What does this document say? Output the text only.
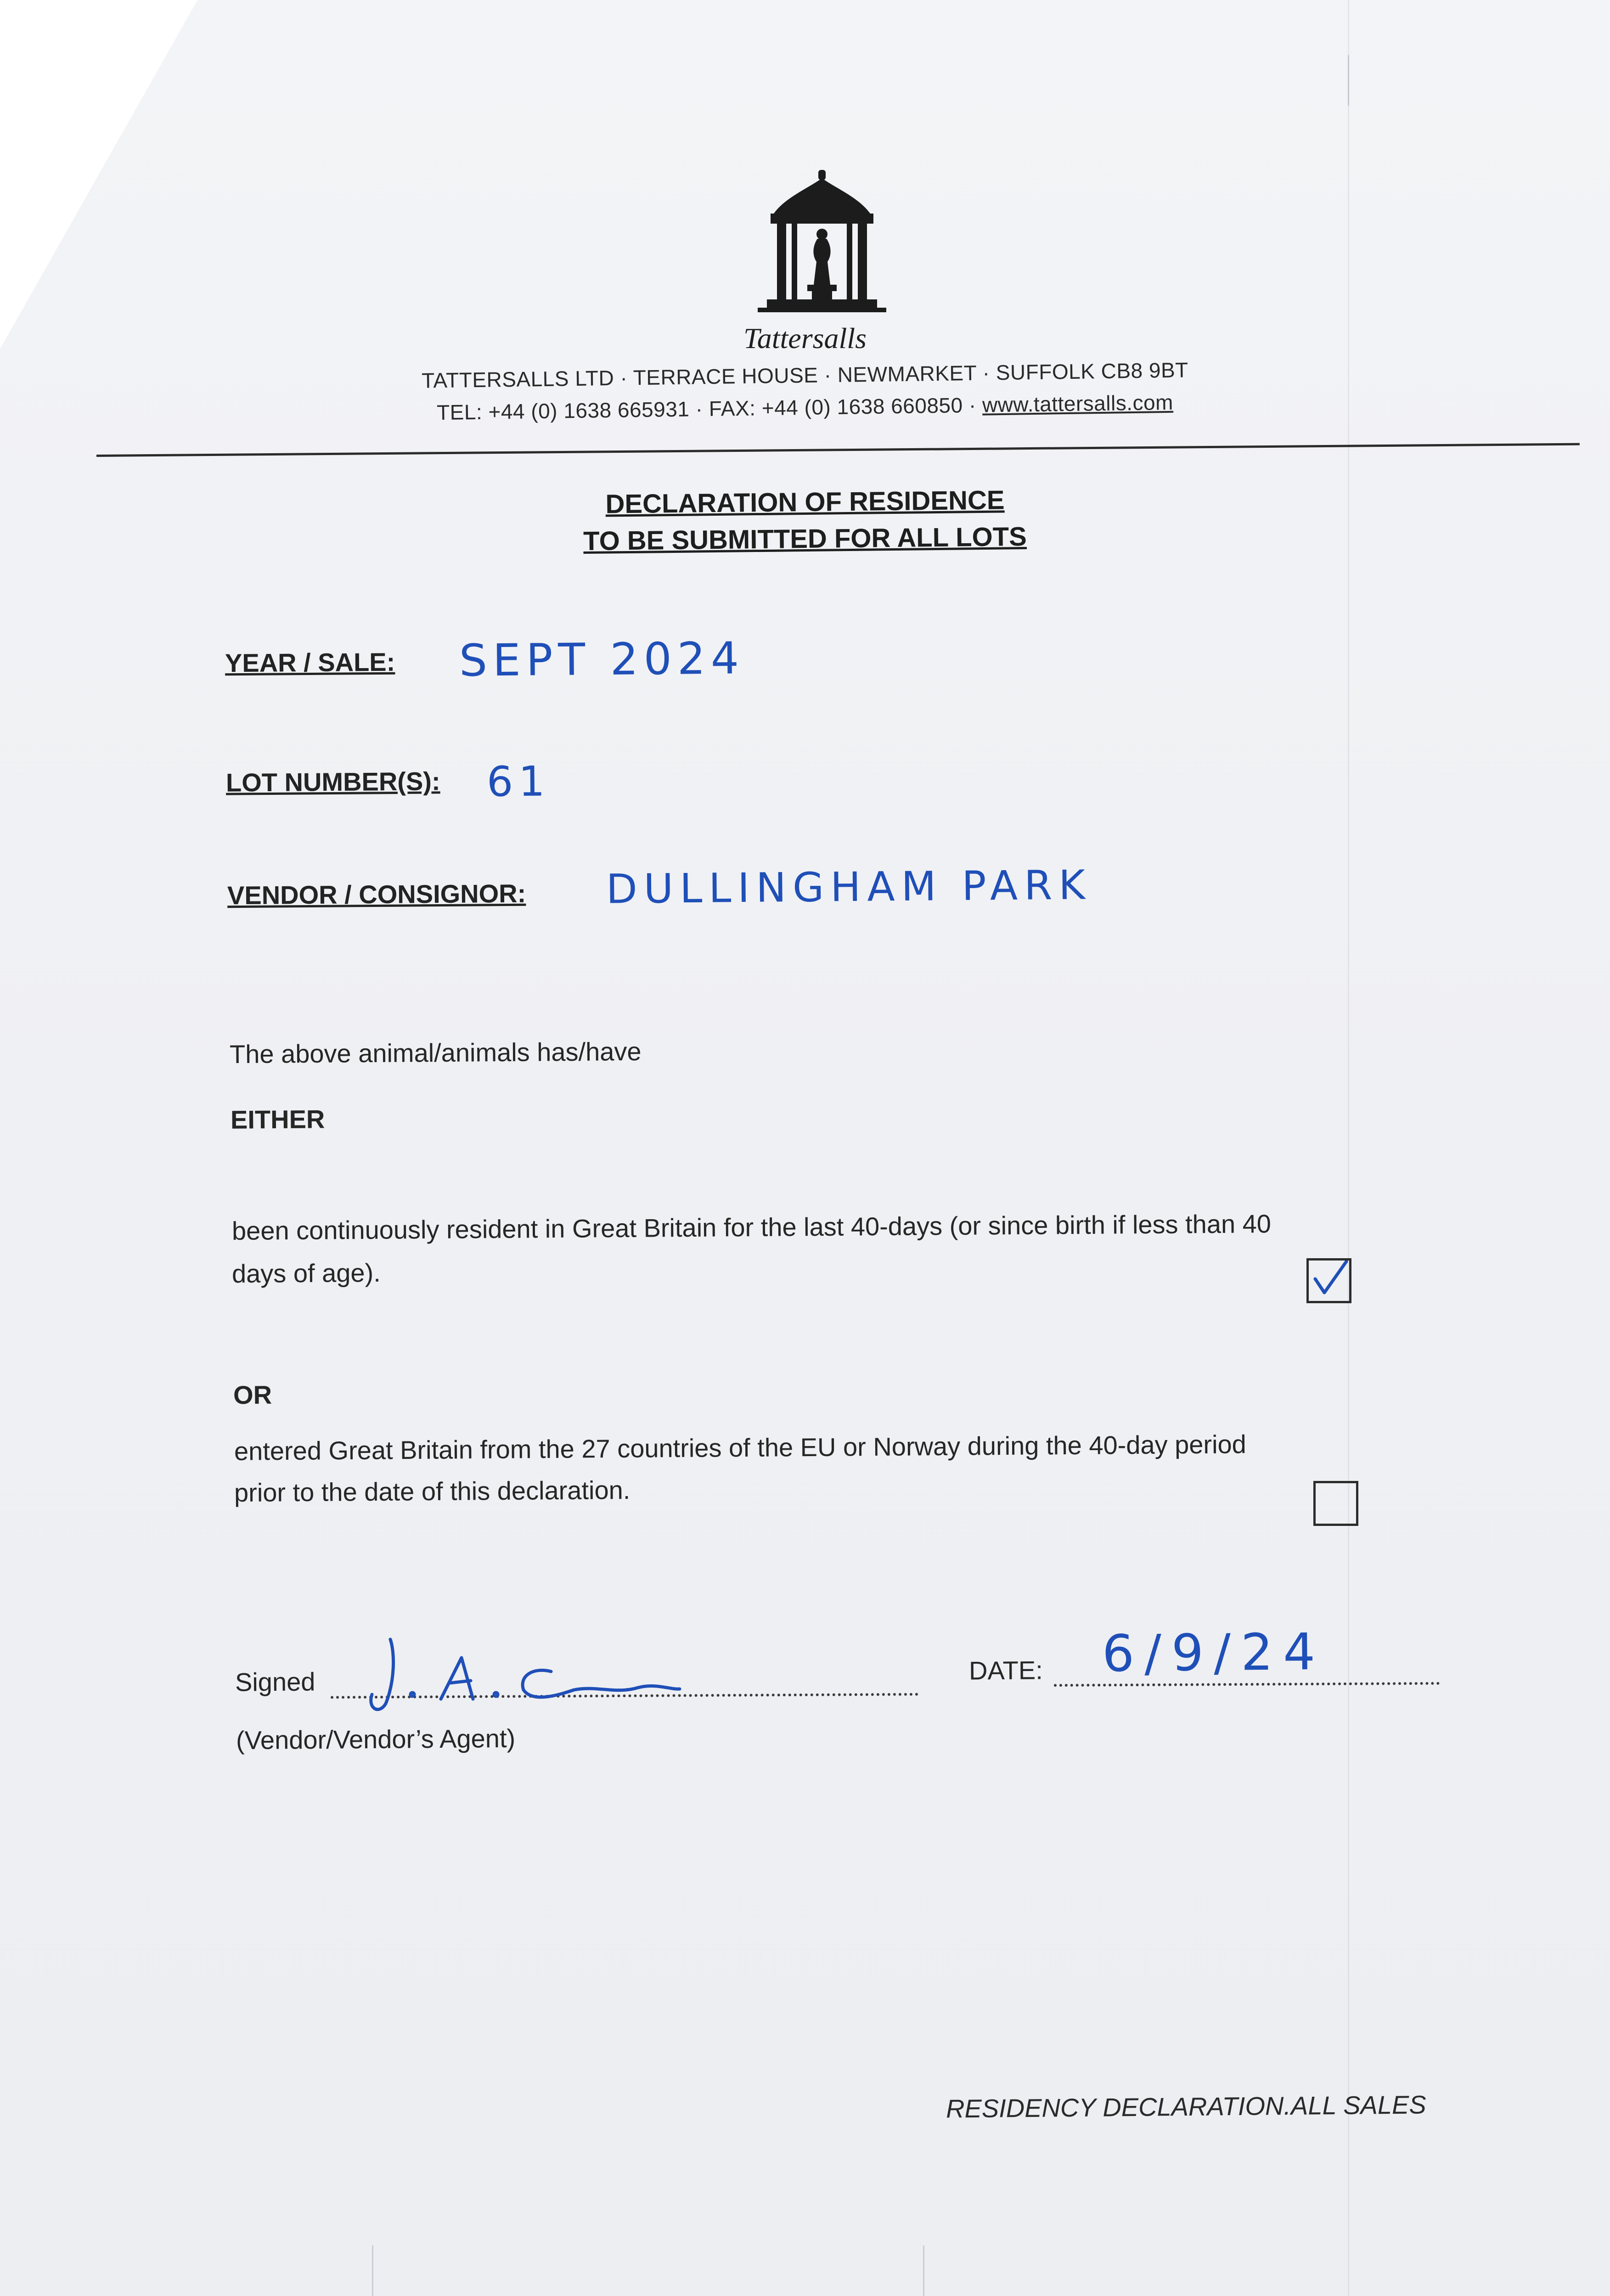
Tattersalls
TATTERSALLS LTD · TERRACE HOUSE · NEWMARKET · SUFFOLK CB8 9BT
TEL: +44 (0) 1638 665931 · FAX: +44 (0) 1638 660850 · www.tattersalls.com
DECLARATION OF RESIDENCE
TO BE SUBMITTED FOR ALL LOTS
YEAR / SALE: SEPT 2024
LOT NUMBER(S): 61
VENDOR / CONSIGNOR: DULLINGHAM PARK
The above animal/animals has/have
EITHER
been continuously resident in Great Britain for the last 40-days (or since birth if less than 40
days of age).
OR
entered Great Britain from the 27 countries of the EU or Norway during the 40-day period
prior to the date of this declaration.
Signed	DATE: 6/9/24
(Vendor/Vendor’s Agent)
RESIDENCY DECLARATION.ALL SALES
